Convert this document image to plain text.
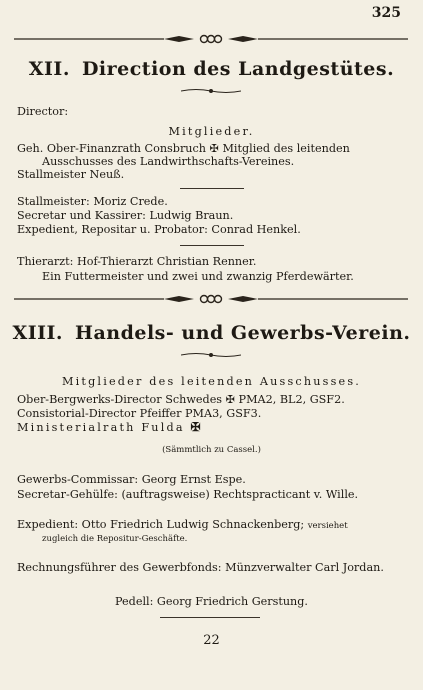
325
XII. Direction des Landgestütes.
Director:
Mitglieder.
Geh. Ober-Finanzrath Consbruch ✠ Mitglied des leitenden
Ausschusses des Landwirthschafts-Vereines.
Stallmeister Neuß.
Stallmeister: Moriz Crede.
Secretar und Kassirer: Ludwig Braun.
Expedient, Repositar u. Probator: Conrad Henkel.
Thierarzt: Hof-Thierarzt Christian Renner.
Ein Futtermeister und zwei und zwanzig Pferdewärter.
XIII. Handels- und Gewerbs-Verein.
Mitglieder des leitenden Ausschusses.
Ober-Bergwerks-Director Schwedes ✠ PMA2, BL2, GSF2.
Consistorial-Director Pfeiffer PMA3, GSF3.
Ministerialrath Fulda ✠
(Sämmtlich zu Cassel.)
Gewerbs-Commissar: Georg Ernst Espe.
Secretar-Gehülfe: (auftragsweise) Rechtspracticant v. Wille.
Expedient: Otto Friedrich Ludwig Schnackenberg; versiehet
zugleich die Repositur-Geschäfte.
Rechnungsführer des Gewerbfonds: Münzverwalter Carl Jordan.
Pedell: Georg Friedrich Gerstung.
22
